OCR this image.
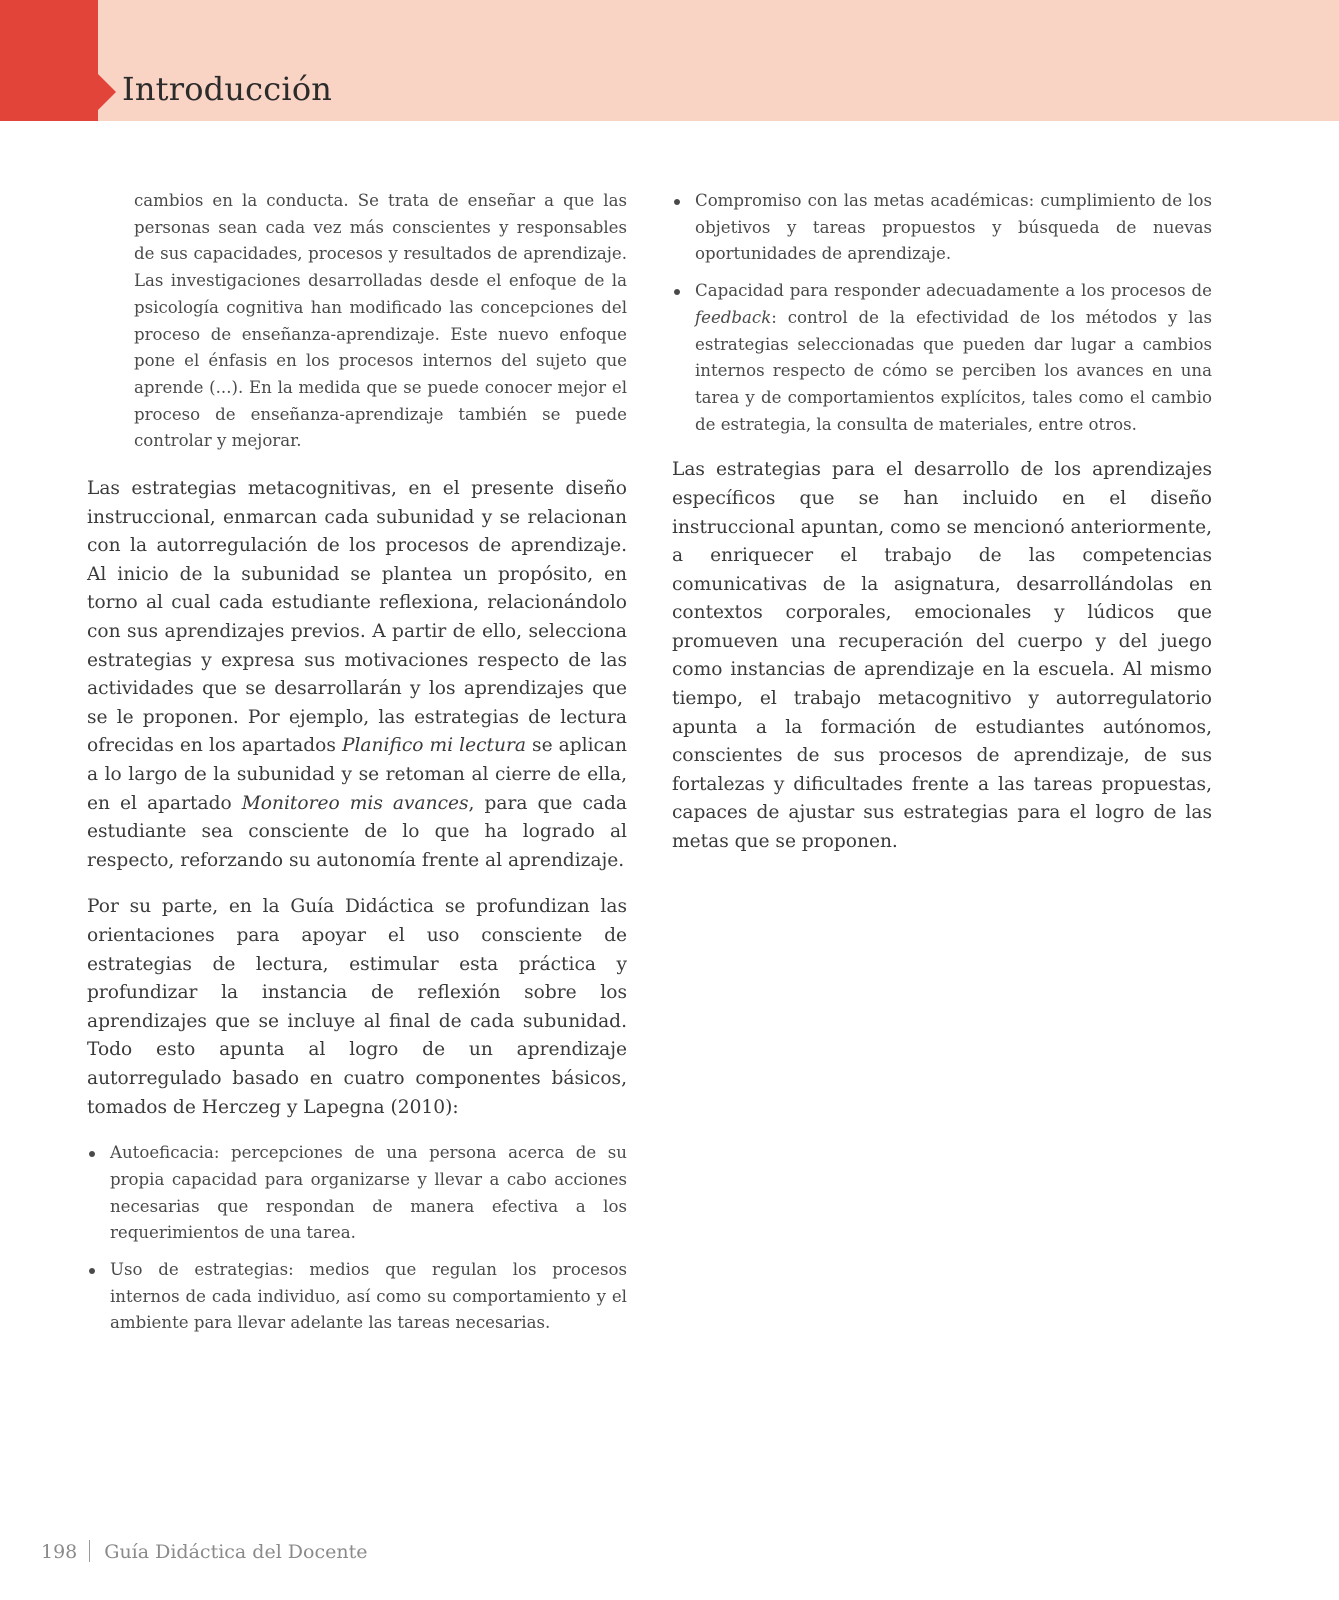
Introducción

cambios en la conducta. Se trata de enseñar a que las personas sean cada vez más conscientes y responsables de sus capacidades, procesos y resultados de aprendizaje. Las investigaciones desarrolladas desde el enfoque de la psicología cognitiva han modificado las concepciones del proceso de enseñanza-aprendizaje. Este nuevo enfoque pone el énfasis en los procesos internos del sujeto que aprende (...). En la medida que se puede conocer mejor el proceso de enseñanza-aprendizaje también se puede controlar y mejorar.

Las estrategias metacognitivas, en el presente diseño instruccional, enmarcan cada subunidad y se relacionan con la autorregulación de los procesos de aprendizaje. Al inicio de la subunidad se plantea un propósito, en torno al cual cada estudiante reflexiona, relacionándolo con sus aprendizajes previos. A partir de ello, selecciona estrategias y expresa sus motivaciones respecto de las actividades que se desarrollarán y los aprendizajes que se le proponen. Por ejemplo, las estrategias de lectura ofrecidas en los apartados Planifico mi lectura se aplican a lo largo de la subunidad y se retoman al cierre de ella, en el apartado Monitoreo mis avances, para que cada estudiante sea consciente de lo que ha logrado al respecto, reforzando su autonomía frente al aprendizaje.

Por su parte, en la Guía Didáctica se profundizan las orientaciones para apoyar el uso consciente de estrategias de lectura, estimular esta práctica y profundizar la instancia de reflexión sobre los aprendizajes que se incluye al final de cada subunidad. Todo esto apunta al logro de un aprendizaje autorregulado basado en cuatro componentes básicos, tomados de Herczeg y Lapegna (2010):

Autoeficacia: percepciones de una persona acerca de su propia capacidad para organizarse y llevar a cabo acciones necesarias que respondan de manera efectiva a los requerimientos de una tarea.
Uso de estrategias: medios que regulan los procesos internos de cada individuo, así como su comportamiento y el ambiente para llevar adelante las tareas necesarias.
Compromiso con las metas académicas: cumplimiento de los objetivos y tareas propuestos y búsqueda de nuevas oportunidades de aprendizaje.
Capacidad para responder adecuadamente a los procesos de feedback: control de la efectividad de los métodos y las estrategias seleccionadas que pueden dar lugar a cambios internos respecto de cómo se perciben los avances en una tarea y de comportamientos explícitos, tales como el cambio de estrategia, la consulta de materiales, entre otros.

Las estrategias para el desarrollo de los aprendizajes específicos que se han incluido en el diseño instruccional apuntan, como se mencionó anteriormente, a enriquecer el trabajo de las competencias comunicativas de la asignatura, desarrollándolas en contextos corporales, emocionales y lúdicos que promueven una recuperación del cuerpo y del juego como instancias de aprendizaje en la escuela. Al mismo tiempo, el trabajo metacognitivo y autorregulatorio apunta a la formación de estudiantes autónomos, conscientes de sus procesos de aprendizaje, de sus fortalezas y dificultades frente a las tareas propuestas, capaces de ajustar sus estrategias para el logro de las metas que se proponen.

198 Guía Didáctica del Docente
